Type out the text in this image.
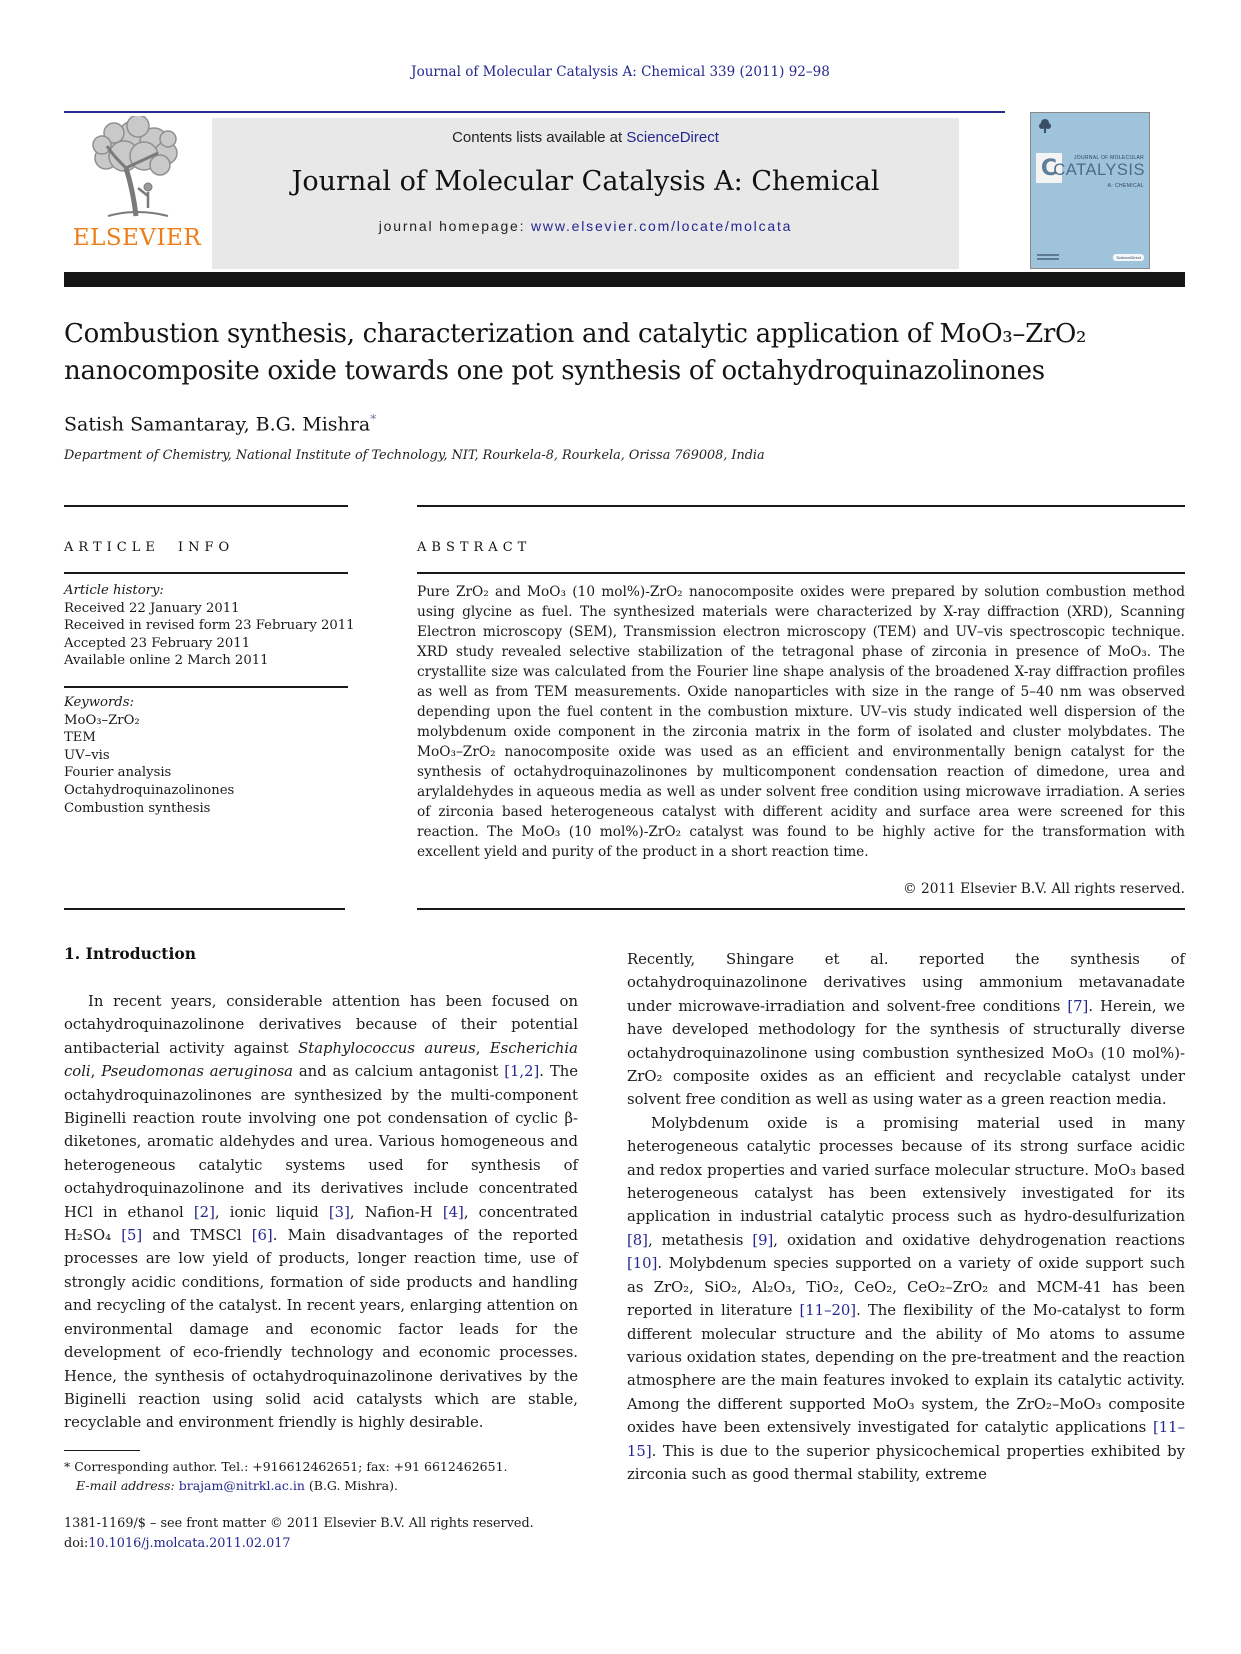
Journal of Molecular Catalysis A: Chemical 339 (2011) 92–98
ELSEVIER
Contents lists available at ScienceDirect
Journal of Molecular Catalysis A: Chemical
journal homepage: www.elsevier.com/locate/molcata
C	JOURNAL OF MOLECULAR
CATALYSIS
A: CHEMICAL
ScienceDirect
Combustion synthesis, characterization and catalytic application of MoO₃–ZrO₂ nanocomposite oxide towards one pot synthesis of octahydroquinazolinones
Satish Samantaray, B.G. Mishra*
Department of Chemistry, National Institute of Technology, NIT, Rourkela-8, Rourkela, Orissa 769008, India
ARTICLE INFO	ABSTRACT
Article history:
Received 22 January 2011
Received in revised form 23 February 2011
Accepted 23 February 2011
Available online 2 March 2011
Keywords:
MoO₃–ZrO₂
TEM
UV–vis
Fourier analysis
Octahydroquinazolinones
Combustion synthesis
Pure ZrO₂ and MoO₃ (10 mol%)-ZrO₂ nanocomposite oxides were prepared by solution combustion method using glycine as fuel. The synthesized materials were characterized by X-ray diffraction (XRD), Scanning Electron microscopy (SEM), Transmission electron microscopy (TEM) and UV–vis spectroscopic technique. XRD study revealed selective stabilization of the tetragonal phase of zirconia in presence of MoO₃. The crystallite size was calculated from the Fourier line shape analysis of the broadened X-ray diffraction profiles as well as from TEM measurements. Oxide nanoparticles with size in the range of 5–40 nm was observed depending upon the fuel content in the combustion mixture. UV–vis study indicated well dispersion of the molybdenum oxide component in the zirconia matrix in the form of isolated and cluster molybdates. The MoO₃–ZrO₂ nanocomposite oxide was used as an efficient and environmentally benign catalyst for the synthesis of octahydroquinazolinones by multicomponent condensation reaction of dimedone, urea and arylaldehydes in aqueous media as well as under solvent free condition using microwave irradiation. A series of zirconia based heterogeneous catalyst with different acidity and surface area were screened for this reaction. The MoO₃ (10 mol%)-ZrO₂ catalyst was found to be highly active for the transformation with excellent yield and purity of the product in a short reaction time.
© 2011 Elsevier B.V. All rights reserved.
1. Introduction

In recent years, considerable attention has been focused on octahydroquinazolinone derivatives because of their potential antibacterial activity against Staphylococcus aureus, Escherichia coli, Pseudomonas aeruginosa and as calcium antagonist [1,2]. The octahydroquinazolinones are synthesized by the multi-component Biginelli reaction route involving one pot condensation of cyclic β-diketones, aromatic aldehydes and urea. Various homogeneous and heterogeneous catalytic systems used for synthesis of octahydroquinazolinone and its derivatives include concentrated HCl in ethanol [2], ionic liquid [3], Nafion-H [4], concentrated H₂SO₄ [5] and TMSCl [6]. Main disadvantages of the reported processes are low yield of products, longer reaction time, use of strongly acidic conditions, formation of side products and handling and recycling of the catalyst. In recent years, enlarging attention on environmental damage and economic factor leads for the development of eco-friendly technology and economic processes. Hence, the synthesis of octahydroquinazolinone derivatives by the Biginelli reaction using solid acid catalysts which are stable, recyclable and environment friendly is highly desirable.

Recently, Shingare et al. reported the synthesis of octahydroquinazolinone derivatives using ammonium metavanadate under microwave-irradiation and solvent-free conditions [7]. Herein, we have developed methodology for the synthesis of structurally diverse octahydroquinazolinone using combustion synthesized MoO₃ (10 mol%)-ZrO₂ composite oxides as an efficient and recyclable catalyst under solvent free condition as well as using water as a green reaction media.

Molybdenum oxide is a promising material used in many heterogeneous catalytic processes because of its strong surface acidic and redox properties and varied surface molecular structure. MoO₃ based heterogeneous catalyst has been extensively investigated for its application in industrial catalytic process such as hydro-desulfurization [8], metathesis [9], oxidation and oxidative dehydrogenation reactions [10]. Molybdenum species supported on a variety of oxide support such as ZrO₂, SiO₂, Al₂O₃, TiO₂, CeO₂, CeO₂–ZrO₂ and MCM-41 has been reported in literature [11–20]. The flexibility of the Mo-catalyst to form different molecular structure and the ability of Mo atoms to assume various oxidation states, depending on the pre-treatment and the reaction atmosphere are the main features invoked to explain its catalytic activity. Among the different supported MoO₃ system, the ZrO₂–MoO₃ composite oxides have been extensively investigated for catalytic applications [11–15]. This is due to the superior physicochemical properties exhibited by zirconia such as good thermal stability, extreme

* Corresponding author. Tel.: +916612462651; fax: +91 6612462651.
E-mail address: brajam@nitrkl.ac.in (B.G. Mishra).
1381-1169/$ – see front matter © 2011 Elsevier B.V. All rights reserved.
doi:10.1016/j.molcata.2011.02.017
